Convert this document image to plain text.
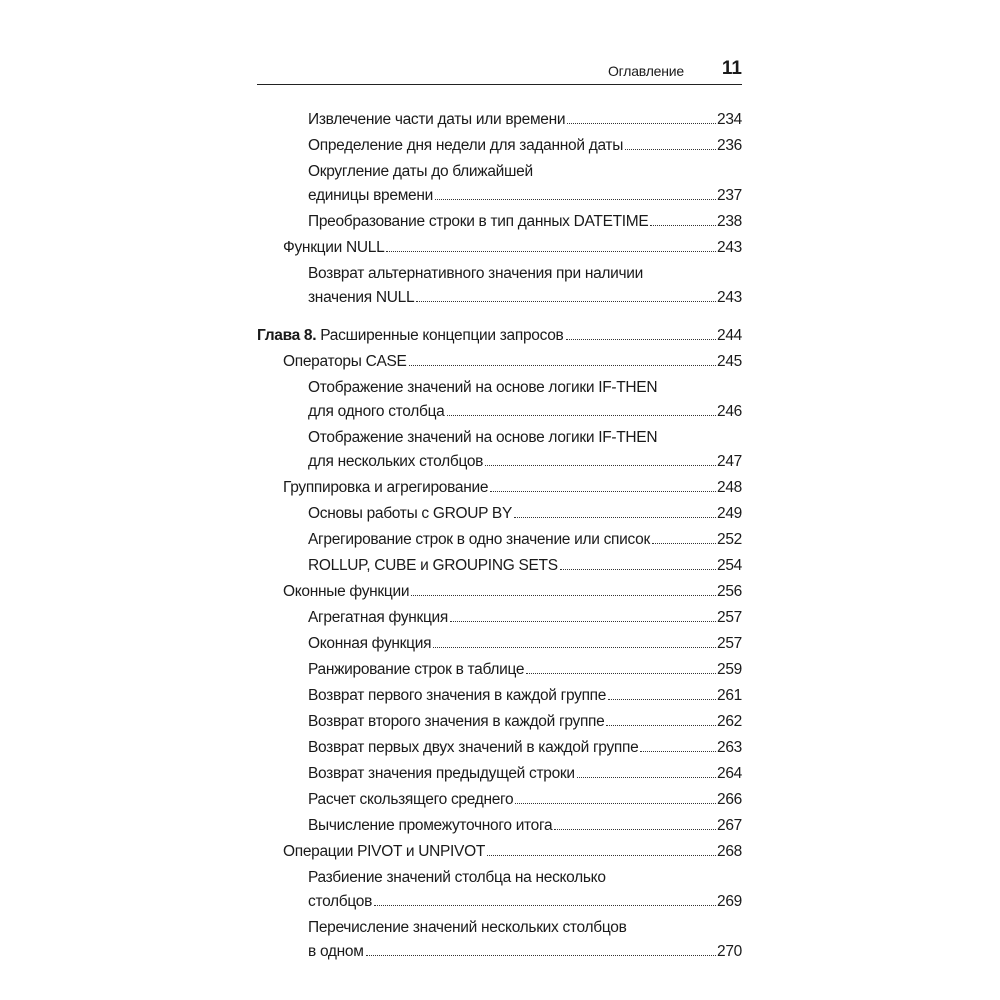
Оглавление 11
Извлечение части даты или времени	234
Определение дня недели для заданной даты	236
Округление даты до ближайшей
единицы времени	237
Преобразование строки в тип данных DATETIME	238
Функции NULL	243
Возврат альтернативного значения при наличии
значения NULL	243
Глава 8. Расширенные концепции запросов	244
Операторы CASE	245
Отображение значений на основе логики IF-THEN
для одного столбца	246
Отображение значений на основе логики IF-THEN
для нескольких столбцов	247
Группировка и агрегирование	248
Основы работы с GROUP BY	249
Агрегирование строк в одно значение или список	252
ROLLUP, CUBE и GROUPING SETS	254
Оконные функции	256
Агрегатная функция	257
Оконная функция	257
Ранжирование строк в таблице	259
Возврат первого значения в каждой группе	261
Возврат второго значения в каждой группе	262
Возврат первых двух значений в каждой группе	263
Возврат значения предыдущей строки	264
Расчет скользящего среднего	266
Вычисление промежуточного итога	267
Операции PIVOT и UNPIVOT	268
Разбиение значений столбца на несколько
столбцов	269
Перечисление значений нескольких столбцов
в одном	270
